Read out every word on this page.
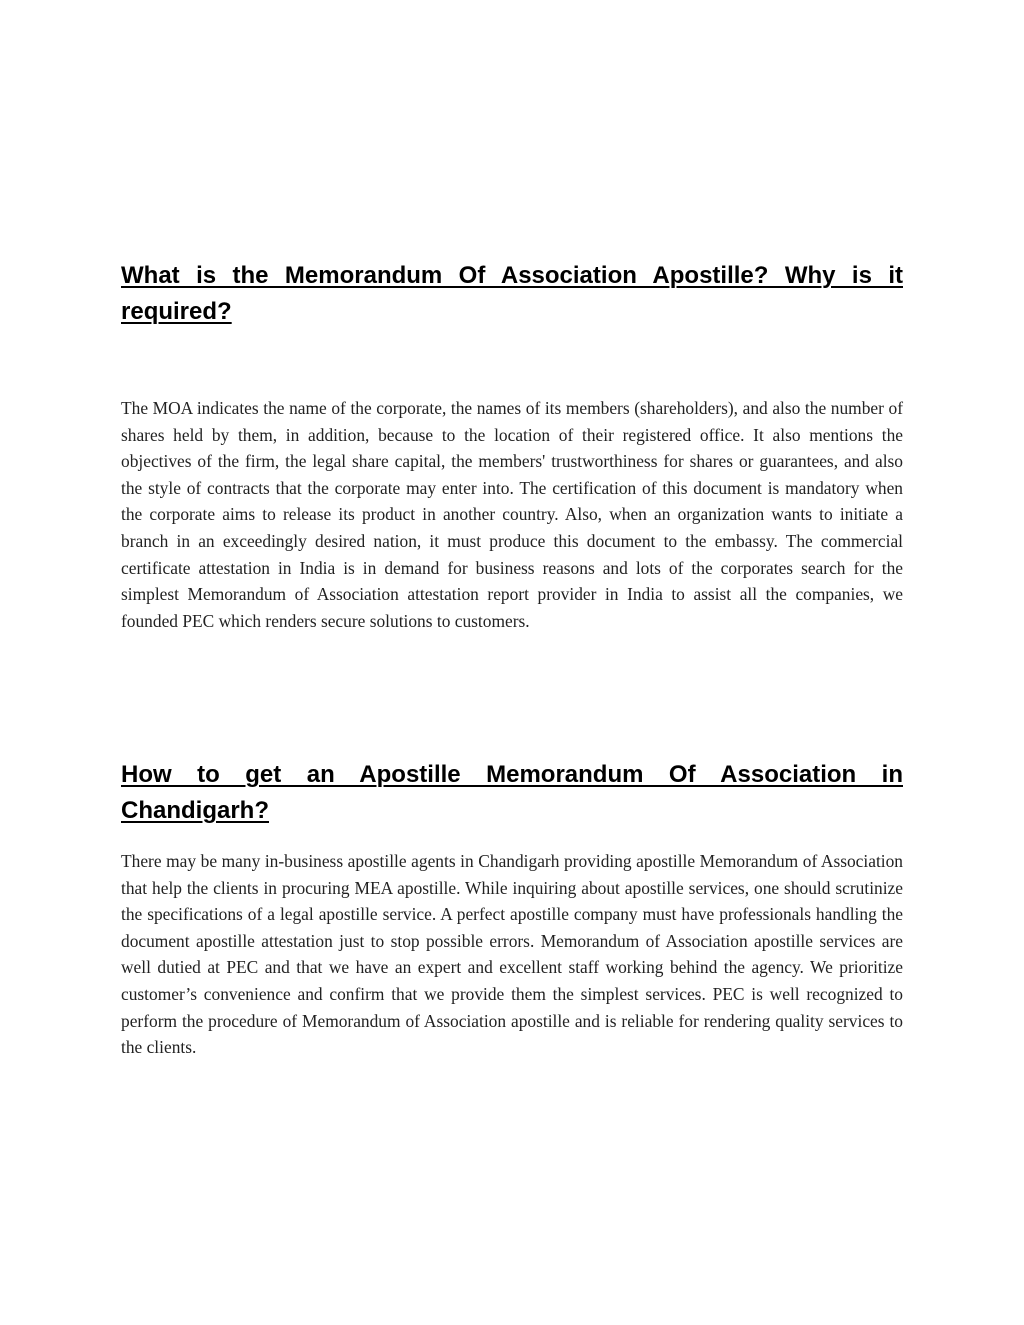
What is the Memorandum Of Association Apostille? Why is it required?

The MOA indicates the name of the corporate, the names of its members (shareholders), and also the number of shares held by them, in addition, because to the location of their registered office. It also mentions the objectives of the firm, the legal share capital, the members' trustworthiness for shares or guarantees, and also the style of contracts that the corporate may enter into. The certification of this document is mandatory when the corporate aims to release its product in another country. Also, when an organization wants to initiate a branch in an exceedingly desired nation, it must produce this document to the embassy. The commercial certificate attestation in India is in demand for business reasons and lots of the corporates search for the simplest Memorandum of Association attestation report provider in India to assist all the companies, we founded PEC which renders secure solutions to customers.

How to get an Apostille Memorandum Of Association in Chandigarh?

There may be many in-business apostille agents in Chandigarh providing apostille Memorandum of Association that help the clients in procuring MEA apostille. While inquiring about apostille services, one should scrutinize the specifications of a legal apostille service. A perfect apostille company must have professionals handling the document apostille attestation just to stop possible errors. Memorandum of Association apostille services are well dutied at PEC and that we have an expert and excellent staff working behind the agency. We prioritize customer’s convenience and confirm that we provide them the simplest services. PEC is well recognized to perform the procedure of Memorandum of Association apostille and is reliable for rendering quality services to the clients.
